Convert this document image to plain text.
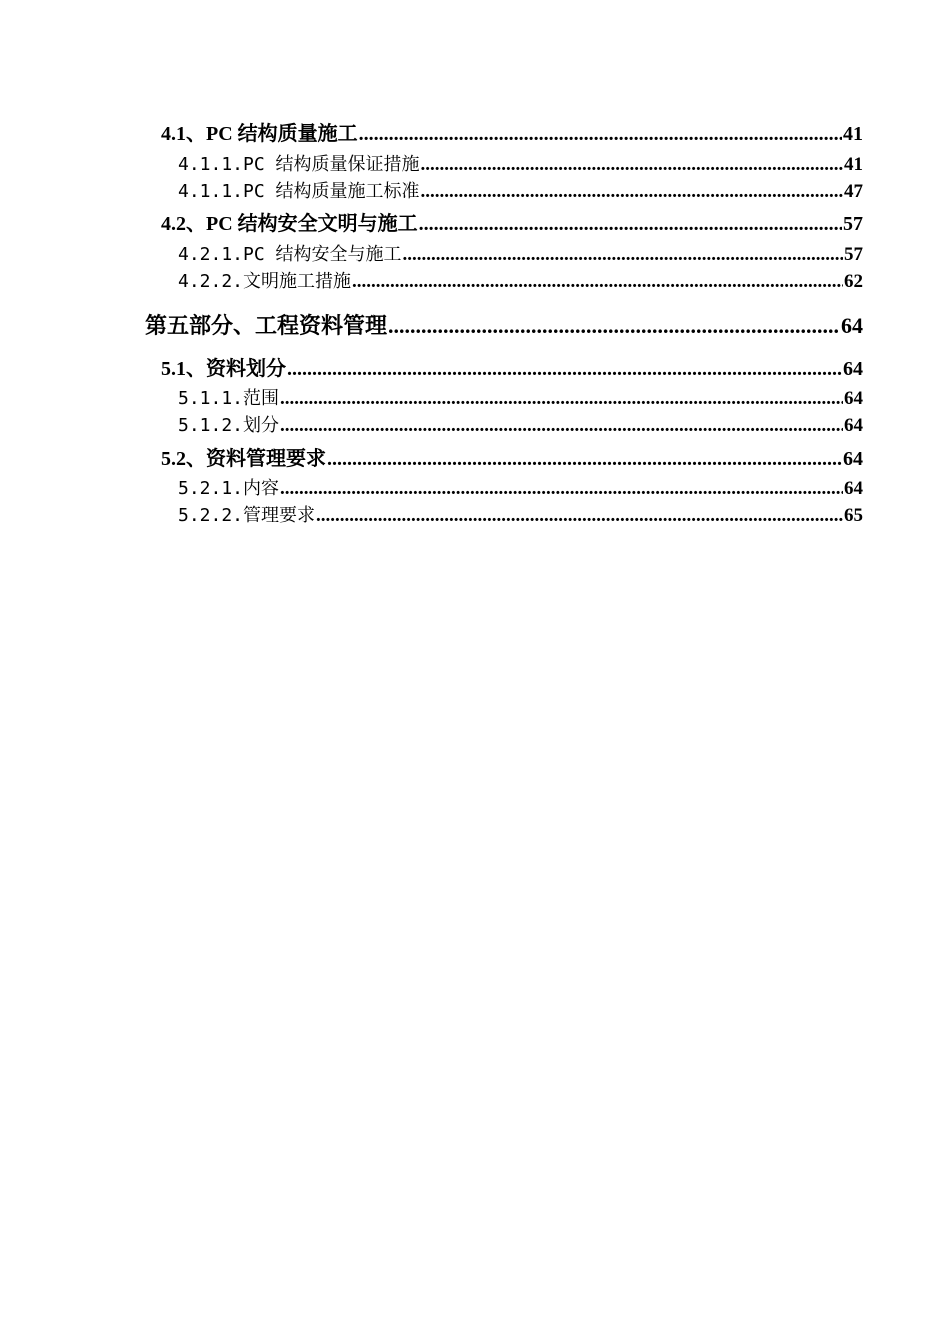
4.1、PC 结构质量施工 .....	41
4.1.1.PC 结构质量保证措施 .....	41
4.1.1.PC 结构质量施工标准 .....	47
4.2、PC 结构安全文明与施工 .....	57
4.2.1.PC 结构安全与施工 .....	57
4.2.2.文明施工措施 .....	62
第五部分、工程资料管理 .....	64
5.1、资料划分 .....	64
5.1.1.范围 .....	64
5.1.2.划分 .....	64
5.2、资料管理要求 .....	64
5.2.1.内容 .....	64
5.2.2.管理要求 .....	65
